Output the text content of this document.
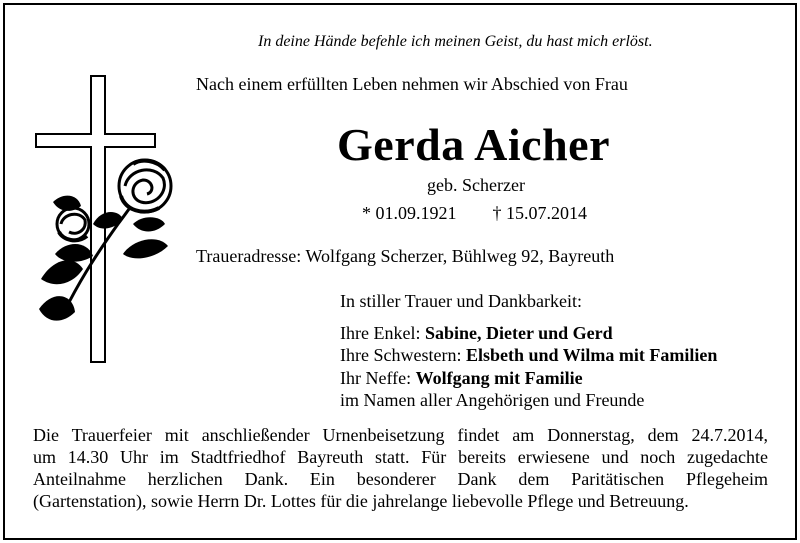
In deine Hände befehle ich meinen Geist, du hast mich erlöst.
Nach einem erfüllten Leben nehmen wir Abschied von Frau
Gerda Aicher
geb. Scherzer
* 01.09.1921 † 15.07.2014
Traueradresse: Wolfgang Scherzer, Bühlweg 92, Bayreuth
In stiller Trauer und Dankbarkeit:
Ihre Enkel: Sabine, Dieter und Gerd
Ihre Schwestern: Elsbeth und Wilma mit Familien
Ihr Neffe: Wolfgang mit Familie
im Namen aller Angehörigen und Freunde
Die Trauerfeier mit anschließender Urnenbeisetzung findet am Donnerstag, dem 24.7.2014,
um 14.30 Uhr im Stadtfriedhof Bayreuth statt. Für bereits erwiesene und noch zugedachte
Anteilnahme herzlichen Dank. Ein besonderer Dank dem Paritätischen Pflegeheim
(Gartenstation), sowie Herrn Dr. Lottes für die jahrelange liebevolle Pflege und Betreuung.
